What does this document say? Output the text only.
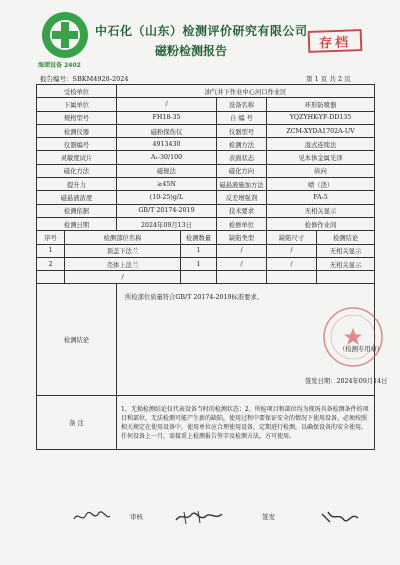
海颂设备 2402
中石化（山东）检测评价研究有限公司
磁粉检测报告	存档
报告编号：SBKM4928-2024	第 1 页 共 2 页
受检单位		油气井下作业中心河口作业区				
下属单位		/		设备名称	环形防喷器	
规格型号		FH18-35		自 编 号	YQZYHK-YF-DD135	
检测仪器		磁粉探伤仪		仪器型号	ZCM-XYDA1702A-UV	
仪器编号		4913430		检测方法	湿式连续法	
灵敏度试片		A₁-30/100		表面状态	见本体金属光泽	
磁化方法		磁轭法		磁化方向	纵向	
提升力		≥45N		磁悬液施加方法	喷（浇）	
磁悬液浓度		(10-25)g/L		反差增强剂	FA-5	
检测依据		GB/T 20174-2019		技术要求	无相关显示	
检测日期		2024年09月13日		检修单位	检修作业间	
序号	检测部位名称		检测数量	缺陷类型	缺陷尺寸	检测结论
1	顶盖下法兰		1	/	/	无相关显示
2	壳体上法兰		1	/	/	无相关显示
	/					
检测结论		所检部位质量符合GB/T 20174-2019标准要求。
（检测专用章）
签发日期：2024年09月14日				

备 注		1、无损检测结论仅代表设备当时的检测状态；2、所检项目和部位均为现场具备检测条件的项目和部位，无法检测可能产生新的缺陷，使用过程中要保证安全的情况下使用设备，必须按照相关规定在使用设备中，使用单位应合理使用设备，定期进行检测，以确保设备的安全使用，任何设备上一月，需接重上检测报告签字及检测方法，方可使用。				
审核	签发
